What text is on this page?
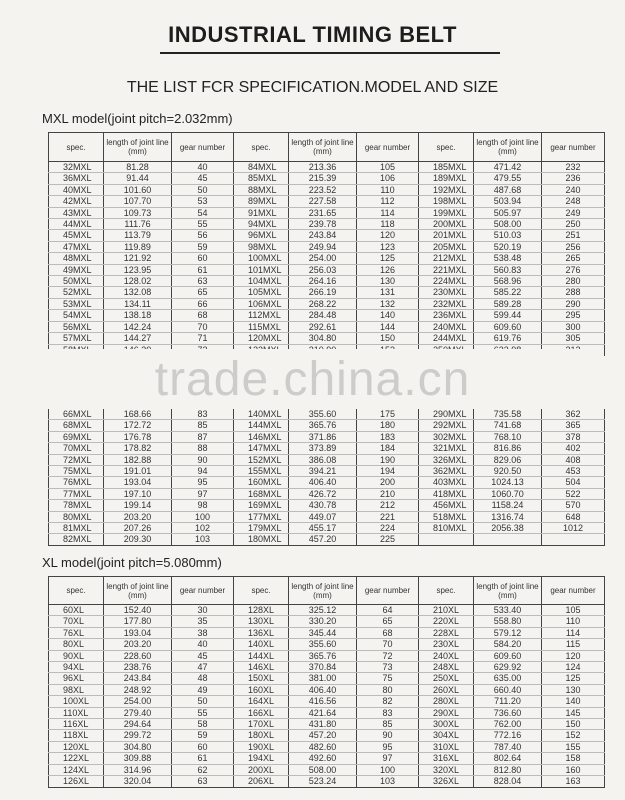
INDUSTRIAL TIMING BELT
THE LIST FCR SPECIFICATION.MODEL AND SIZE
MXL model(joint pitch=2.032mm)
spec.	length of joint line (mm)	gear number	spec.	length of joint line (mm)	gear number	spec.	length of joint line (mm)	gear number
32MXL	81.28	40	84MXL	213.36	105	185MXL	471.42	232
36MXL	91.44	45	85MXL	215.39	106	189MXL	479.55	236
40MXL	101.60	50	88MXL	223.52	110	192MXL	487.68	240
42MXL	107.70	53	89MXL	227.58	112	198MXL	503.94	248
43MXL	109.73	54	91MXL	231.65	114	199MXL	505.97	249
44MXL	111.76	55	94MXL	239.78	118	200MXL	508.00	250
45MXL	113.79	56	96MXL	243.84	120	201MXL	510.03	251
47MXL	119.89	59	98MXL	249.94	123	205MXL	520.19	256
48MXL	121.92	60	100MXL	254.00	125	212MXL	538.48	265
49MXL	123.95	61	101MXL	256.03	126	221MXL	560.83	276
50MXL	128.02	63	104MXL	264.16	130	224MXL	568.96	280
52MXL	132.08	65	105MXL	266.19	131	230MXL	585.22	288
53MXL	134.11	66	106MXL	268.22	132	232MXL	589.28	290
54MXL	138.18	68	112MXL	284.48	140	236MXL	599.44	295
56MXL	142.24	70	115MXL	292.61	144	240MXL	609.60	300
57MXL	144.27	71	120MXL	304.80	150	244MXL	619.76	305

trade.china.cn
66MXL	168.66	83	140MXL	355.60	175	290MXL	735.58	362
68MXL	172.72	85	144MXL	365.76	180	292MXL	741.68	365
69MXL	176.78	87	146MXL	371.86	183	302MXL	768.10	378
70MXL	178.82	88	147MXL	373.89	184	321MXL	816.86	402
72MXL	182.88	90	152MXL	386.08	190	326MXL	829.06	408
75MXL	191.01	94	155MXL	394.21	194	362MXL	920.50	453
76MXL	193.04	95	160MXL	406.40	200	403MXL	1024.13	504
77MXL	197.10	97	168MXL	426.72	210	418MXL	1060.70	522
78MXL	199.14	98	169MXL	430.78	212	456MXL	1158.24	570
80MXL	203.20	100	177MXL	449.07	221	518MXL	1316.74	648
81MXL	207.26	102	179MXL	455.17	224	810MXL	2056.38	1012
82MXL	209.30	103	180MXL	457.20	225			
XL model(joint pitch=5.080mm)
spec.	length of joint line (mm)	gear number	spec.	length of joint line (mm)	gear number	spec.	length of joint line (mm)	gear number
60XL	152.40	30	128XL	325.12	64	210XL	533.40	105
70XL	177.80	35	130XL	330.20	65	220XL	558.80	110
76XL	193.04	38	136XL	345.44	68	228XL	579.12	114
80XL	203.20	40	140XL	355.60	70	230XL	584.20	115
90XL	228.60	45	144XL	365.76	72	240XL	609.60	120
94XL	238.76	47	146XL	370.84	73	248XL	629.92	124
96XL	243.84	48	150XL	381.00	75	250XL	635.00	125
98XL	248.92	49	160XL	406.40	80	260XL	660.40	130
100XL	254.00	50	164XL	416.56	82	280XL	711.20	140
110XL	279.40	55	166XL	421.64	83	290XL	736.60	145
116XL	294.64	58	170XL	431.80	85	300XL	762.00	150
118XL	299.72	59	180XL	457.20	90	304XL	772.16	152
120XL	304.80	60	190XL	482.60	95	310XL	787.40	155
122XL	309.88	61	194XL	492.60	97	316XL	802.64	158
124XL	314.96	62	200XL	508.00	100	320XL	812.80	160
126XL	320.04	63	206XL	523.24	103	326XL	828.04	163
